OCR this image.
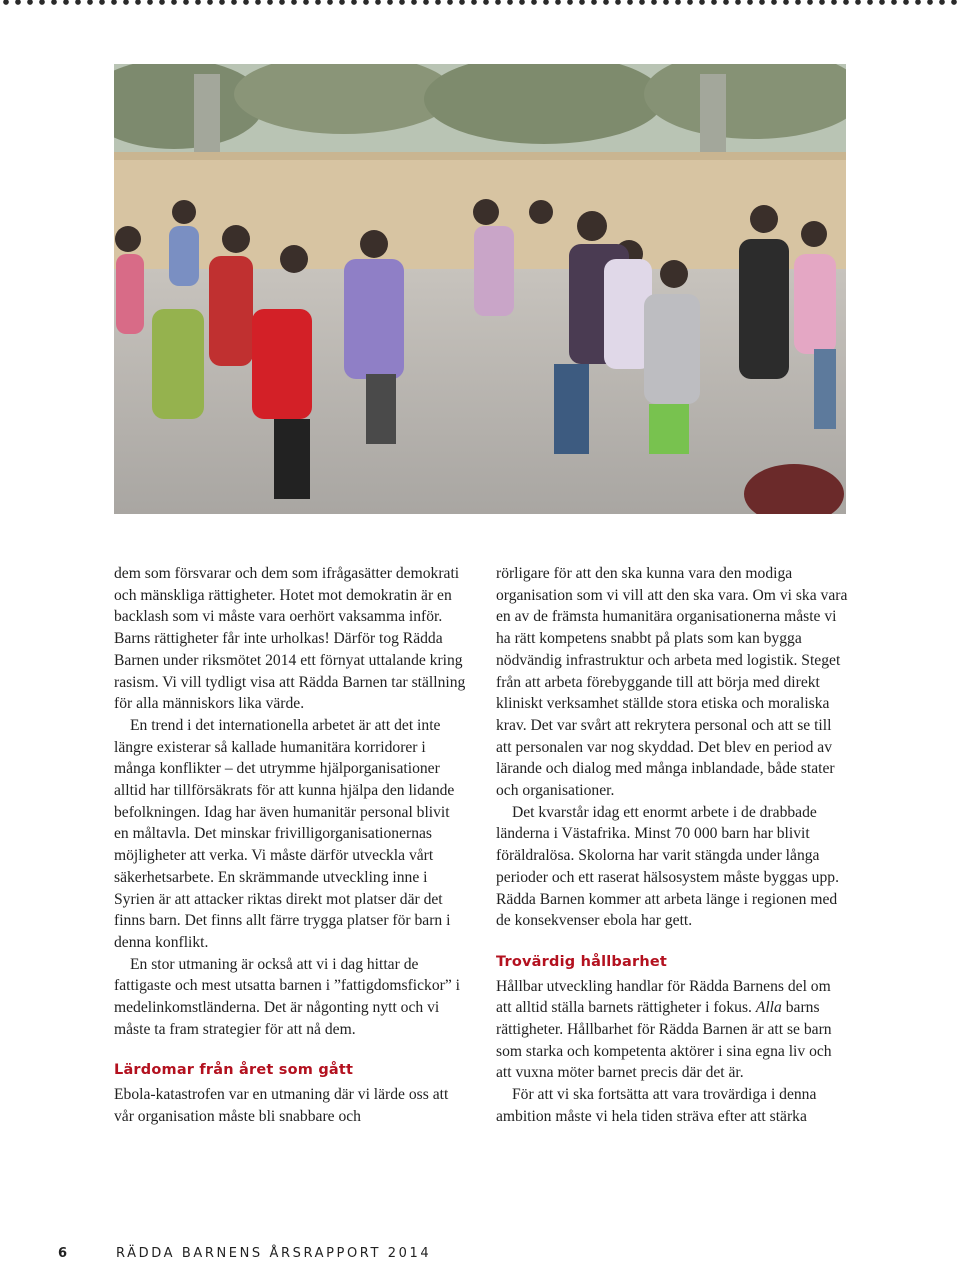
dem som försvarar och dem som ifrågasätter demokrati och mänskliga rättigheter. Hotet mot demokratin är en backlash som vi måste vara oerhört vaksamma inför. Barns rättigheter får inte urholkas! Därför tog Rädda Barnen under riksmötet 2014 ett förnyat uttalande kring rasism. Vi vill tydligt visa att Rädda Barnen tar ställning för alla människors lika värde.

En trend i det internationella arbetet är att det inte längre existerar så kallade humanitära korridorer i många konflikter – det utrymme hjälporganisationer alltid har tillförsäkrats för att kunna hjälpa den lidande befolkningen. Idag har även humanitär personal blivit en måltavla. Det minskar frivilligorganisationernas möjligheter att verka. Vi måste därför utveckla vårt säkerhetsarbete. En skrämmande utveckling inne i Syrien är att attacker riktas direkt mot platser där det finns barn. Det finns allt färre trygga platser för barn i denna konflikt.

En stor utmaning är också att vi i dag hittar de fattigaste och mest utsatta barnen i ”fattigdomsfickor” i medelinkomstländerna. Det är någonting nytt och vi måste ta fram strategier för att nå dem.

Lärdomar från året som gått

Ebola-katastrofen var en utmaning där vi lärde oss att vår organisation måste bli snabbare och

rörligare för att den ska kunna vara den modiga organisation som vi vill att den ska vara. Om vi ska vara en av de främsta humanitära organisationerna måste vi ha rätt kompetens snabbt på plats som kan bygga nödvändig infrastruktur och arbeta med logistik. Steget från att arbeta förebyggande till att börja med direkt kliniskt verksamhet ställde stora etiska och moraliska krav. Det var svårt att rekrytera personal och att se till att personalen var nog skyddad. Det blev en period av lärande och dialog med många inblandade, både stater och organisationer.

Det kvarstår idag ett enormt arbete i de drabbade länderna i Västafrika. Minst 70 000 barn har blivit föräldralösa. Skolorna har varit stängda under långa perioder och ett raserat hälsosystem måste byggas upp. Rädda Barnen kommer att arbeta länge i regionen med de konsekvenser ebola har gett.

Trovärdig hållbarhet

Hållbar utveckling handlar för Rädda Barnens del om att alltid ställa barnets rättigheter i fokus. Alla barns rättigheter. Hållbarhet för Rädda Barnen är att se barn som starka och kompetenta aktörer i sina egna liv och att vuxna möter barnet precis där det är.

För att vi ska fortsätta att vara trovärdiga i denna ambition måste vi hela tiden sträva efter att stärka

6	RÄDDA BARNENS ÅRSRAPPORT 2014
